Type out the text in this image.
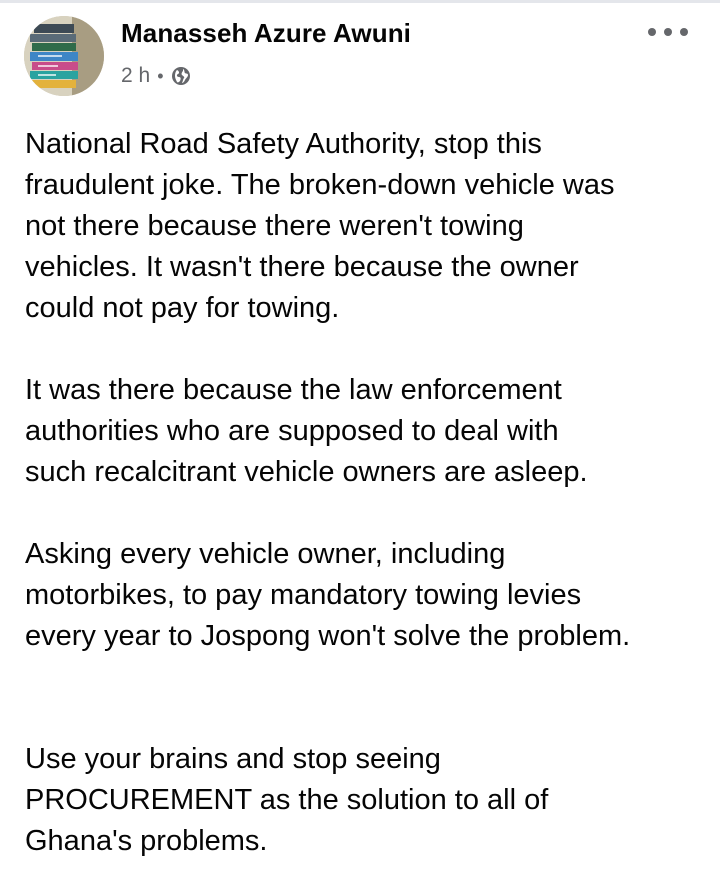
Manasseh Azure Awuni
2 h •

National Road Safety Authority, stop this
fraudulent joke. The broken-down vehicle was
not there because there weren't towing
vehicles. It wasn't there because the owner
could not pay for towing.

It was there because the law enforcement
authorities who are supposed to deal with
such recalcitrant vehicle owners are asleep.

Asking every vehicle owner, including
motorbikes, to pay mandatory towing levies
every year to Jospong won't solve the problem.

Use your brains and stop seeing
PROCUREMENT as the solution to all of
Ghana's problems.
